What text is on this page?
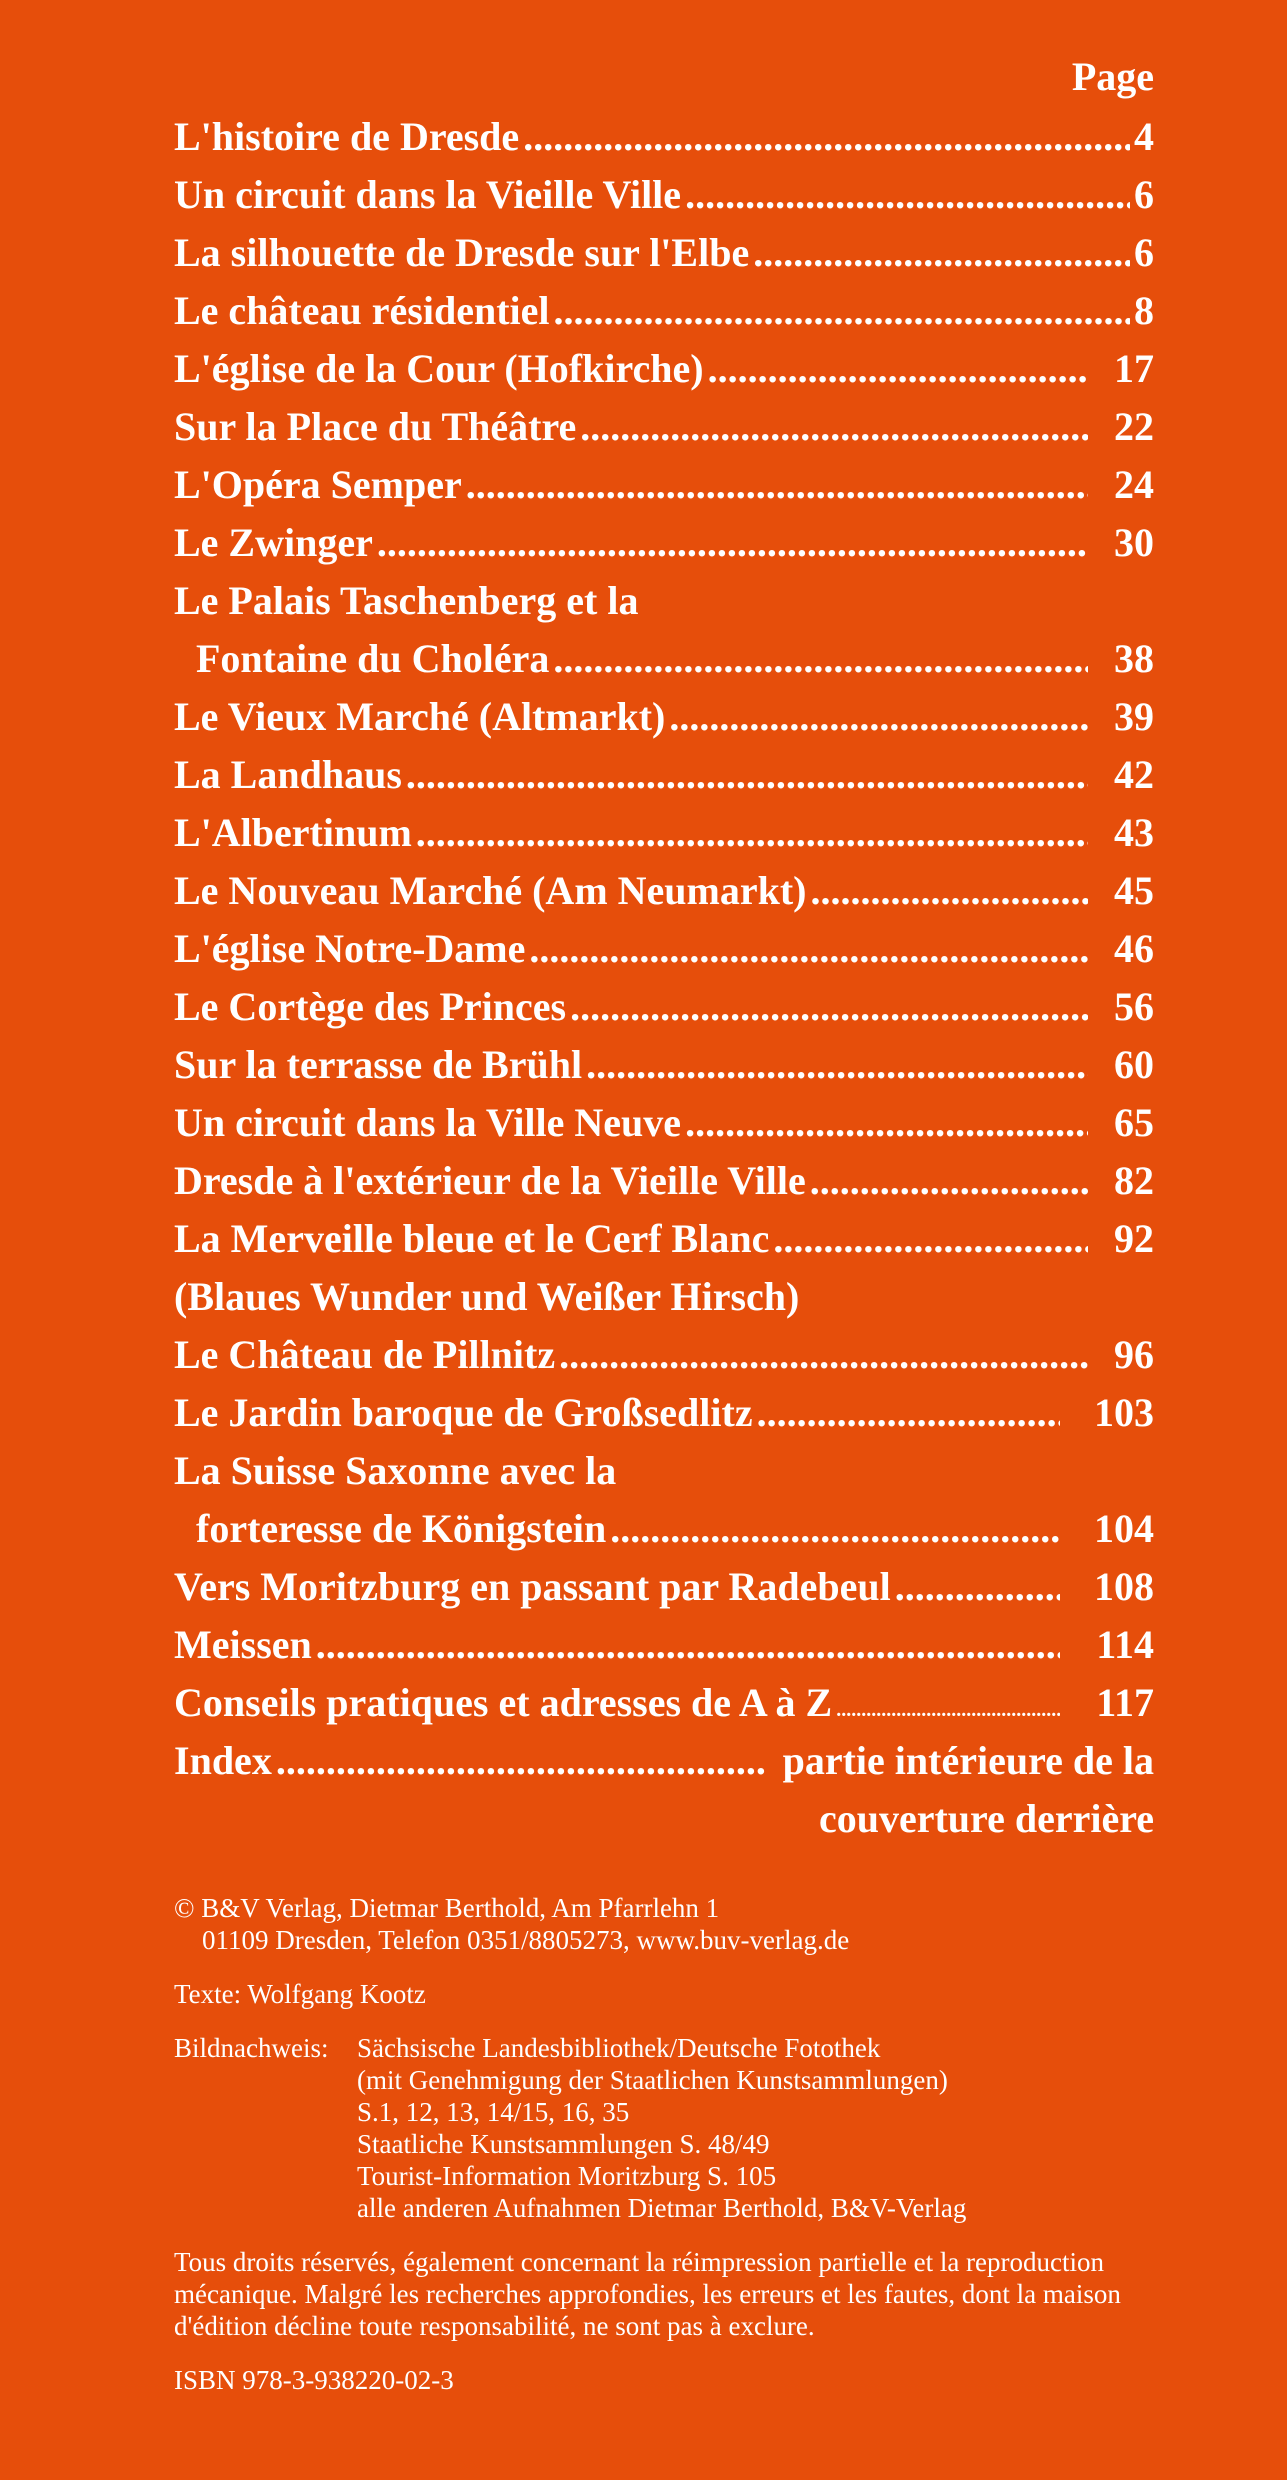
Page
L'histoire de Dresde .....	4
Un circuit dans la Vieille Ville .....	6
La silhouette de Dresde sur l'Elbe .....	6
Le château résidentiel .....	8
L'église de la Cour (Hofkirche) .....	17
Sur la Place du Théâtre .....	22
L'Opéra Semper .....	24
Le Zwinger .....	30
Le Palais Taschenberg et la
Fontaine du Choléra .....	38
Le Vieux Marché (Altmarkt) .....	39
La Landhaus .....	42
L'Albertinum .....	43
Le Nouveau Marché (Am Neumarkt) .....	45
L'église Notre-Dame .....	46
Le Cortège des Princes .....	56
Sur la terrasse de Brühl .....	60
Un circuit dans la Ville Neuve .....	65
Dresde à l'extérieur de la Vieille Ville .....	82
La Merveille bleue et le Cerf Blanc .....	92
(Blaues Wunder und Weißer Hirsch)
Le Château de Pillnitz .....	96
Le Jardin baroque de Großsedlitz .....	103
La Suisse Saxonne avec la
forteresse de Königstein .....	104
Vers Moritzburg en passant par Radebeul .....	108
Meissen .....	114
Conseils pratiques et adresses de A à Z .....	117
Index .....	partie intérieure de la
couverture derrière

© B&V Verlag, Dietmar Berthold, Am Pfarrlehn 1
01109 Dresden, Telefon 0351/8805273, www.buv-verlag.de

Texte: Wolfgang Kootz

Bildnachweis:	Sächsische Landesbibliothek/Deutsche Fotothek
(mit Genehmigung der Staatlichen Kunstsammlungen)
S.1, 12, 13, 14/15, 16, 35
Staatliche Kunstsammlungen S. 48/49
Tourist-Information Moritzburg S. 105
alle anderen Aufnahmen Dietmar Berthold, B&V-Verlag

Tous droits réservés, également concernant la réimpression partielle et la reproduction mécanique. Malgré les recherches approfondies, les erreurs et les fautes, dont la maison d'édition décline toute responsabilité, ne sont pas à exclure.

ISBN 978-3-938220-02-3
